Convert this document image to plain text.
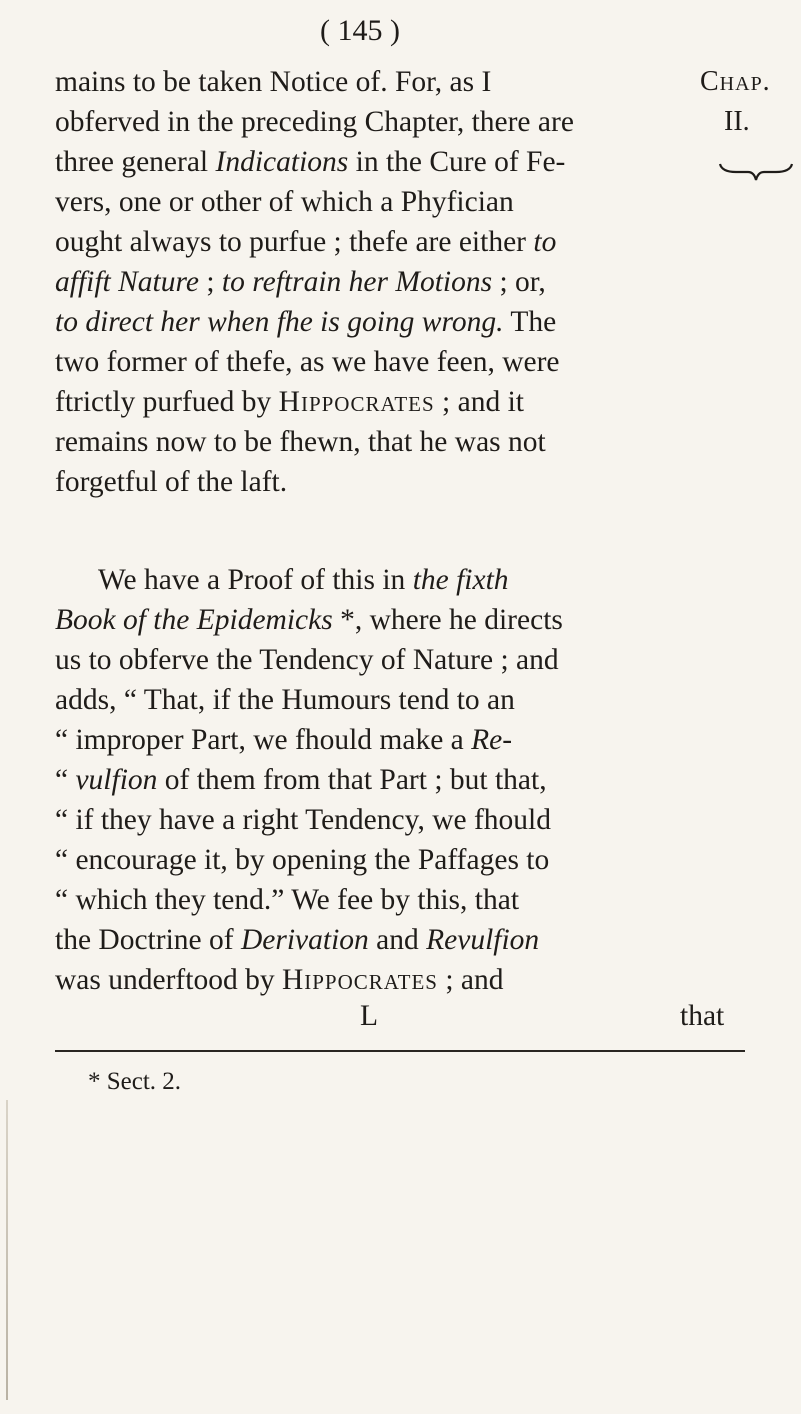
( 145 )
Chap.
II.
mains to be taken Notice of. For, as I
obferved in the preceding Chapter, there are
three general Indications in the Cure of Fe-
vers, one or other of which a Phyfician
ought always to purfue ; thefe are either to
affift Nature ; to reftrain her Motions ; or,
to direct her when fhe is going wrong. The
two former of thefe, as we have feen, were
ftrictly purfued by Hippocrates ; and it
remains now to be fhewn, that he was not
forgetful of the laft.
We have a Proof of this in the fixth
Book of the Epidemicks *, where he directs
us to obferve the Tendency of Nature ; and
adds, “ That, if the Humours tend to an
“ improper Part, we fhould make a Re-
“ vulfion of them from that Part ; but that,
“ if they have a right Tendency, we fhould
“ encourage it, by opening the Paffages to
“ which they tend.” We fee by this, that
the Doctrine of Derivation and Revulfion
was underftood by Hippocrates ; and
L	that
* Sect. 2.
